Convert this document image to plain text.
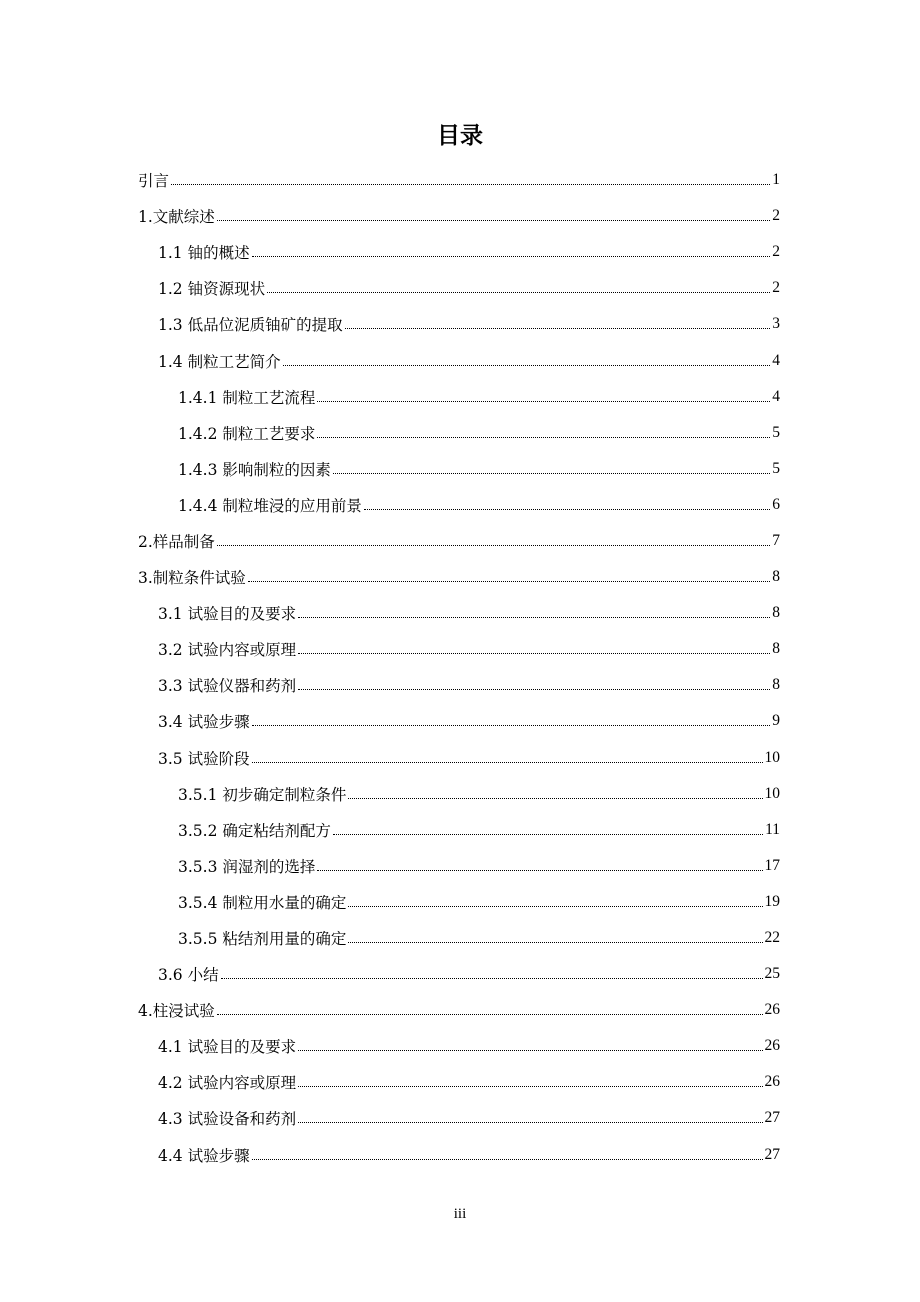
目录
引言	1
1.文献综述	2
1.1 铀的概述	2
1.2 铀资源现状	2
1.3 低品位泥质铀矿的提取	3
1.4 制粒工艺简介	4
1.4.1 制粒工艺流程	4
1.4.2 制粒工艺要求	5
1.4.3 影响制粒的因素	5
1.4.4 制粒堆浸的应用前景	6
2.样品制备	7
3.制粒条件试验	8
3.1 试验目的及要求	8
3.2 试验内容或原理	8
3.3 试验仪器和药剂	8
3.4 试验步骤	9
3.5 试验阶段	10
3.5.1 初步确定制粒条件	10
3.5.2 确定粘结剂配方	11
3.5.3 润湿剂的选择	17
3.5.4 制粒用水量的确定	19
3.5.5 粘结剂用量的确定	22
3.6 小结	25
4.柱浸试验	26
4.1 试验目的及要求	26
4.2 试验内容或原理	26
4.3 试验设备和药剂	27
4.4 试验步骤	27
iii
